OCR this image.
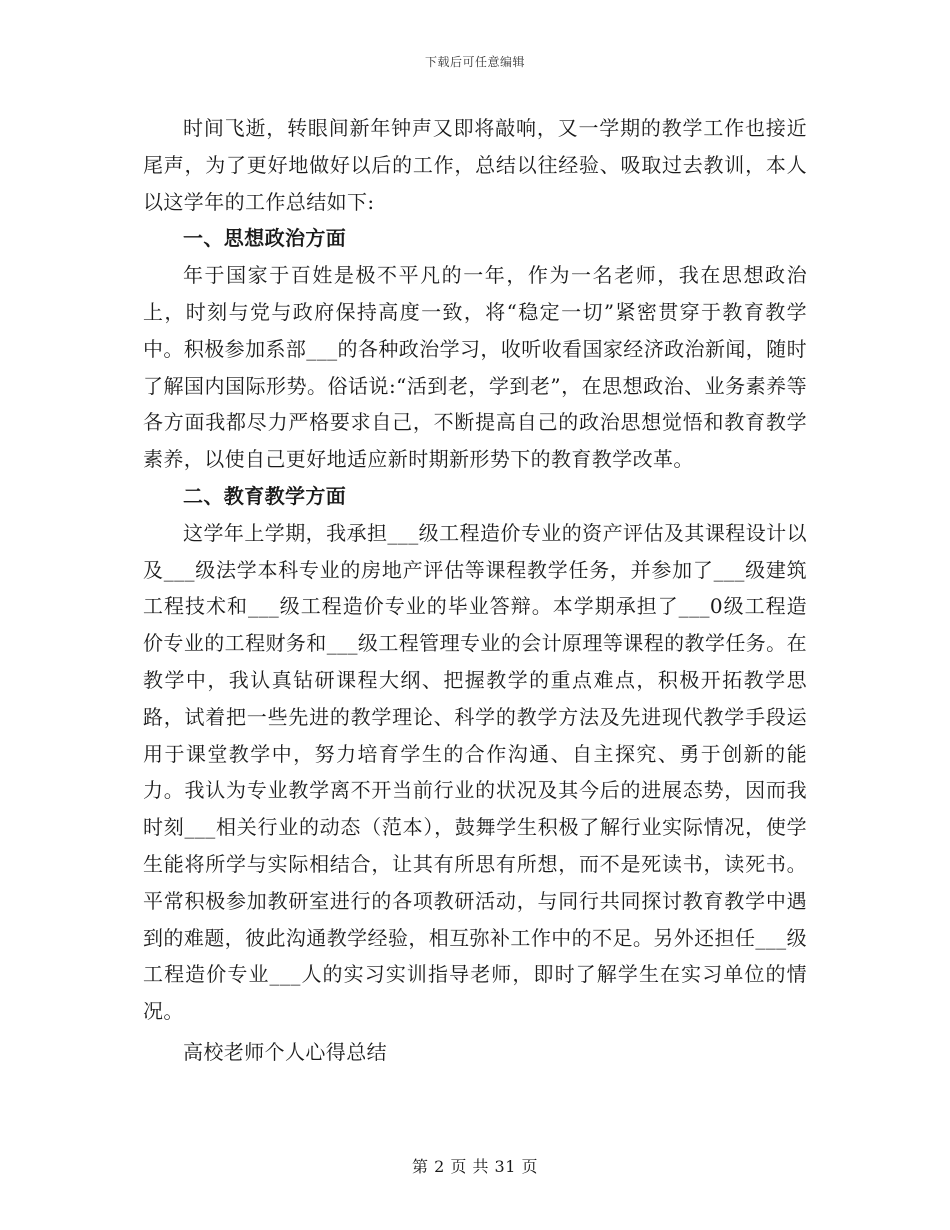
下载后可任意编辑

时间飞逝，转眼间新年钟声又即将敲响，又一学期的教学工作也接近尾声，为了更好地做好以后的工作，总结以往经验、吸取过去教训，本人以这学年的工作总结如下:

一、思想政治方面

年于国家于百姓是极不平凡的一年，作为一名老师，我在思想政治上，时刻与党与政府保持高度一致，将“稳定一切”紧密贯穿于教育教学中。积极参加系部___的各种政治学习，收听收看国家经济政治新闻，随时了解国内国际形势。俗话说:“活到老，学到老”，在思想政治、业务素养等各方面我都尽力严格要求自己，不断提高自己的政治思想觉悟和教育教学素养，以使自己更好地适应新时期新形势下的教育教学改革。

二、教育教学方面

这学年上学期，我承担___级工程造价专业的资产评估及其课程设计以及___级法学本科专业的房地产评估等课程教学任务，并参加了___级建筑工程技术和___级工程造价专业的毕业答辩。本学期承担了___0级工程造价专业的工程财务和___级工程管理专业的会计原理等课程的教学任务。在教学中，我认真钻研课程大纲、把握教学的重点难点，积极开拓教学思路，试着把一些先进的教学理论、科学的教学方法及先进现代教学手段运用于课堂教学中，努力培育学生的合作沟通、自主探究、勇于创新的能力。我认为专业教学离不开当前行业的状况及其今后的进展态势，因而我时刻___相关行业的动态（范本），鼓舞学生积极了解行业实际情况，使学生能将所学与实际相结合，让其有所思有所想，而不是死读书，读死书。平常积极参加教研室进行的各项教研活动，与同行共同探讨教育教学中遇到的难题，彼此沟通教学经验，相互弥补工作中的不足。另外还担任___级工程造价专业___人的实习实训指导老师，即时了解学生在实习单位的情况。

高校老师个人心得总结

第 2 页 共 31 页
